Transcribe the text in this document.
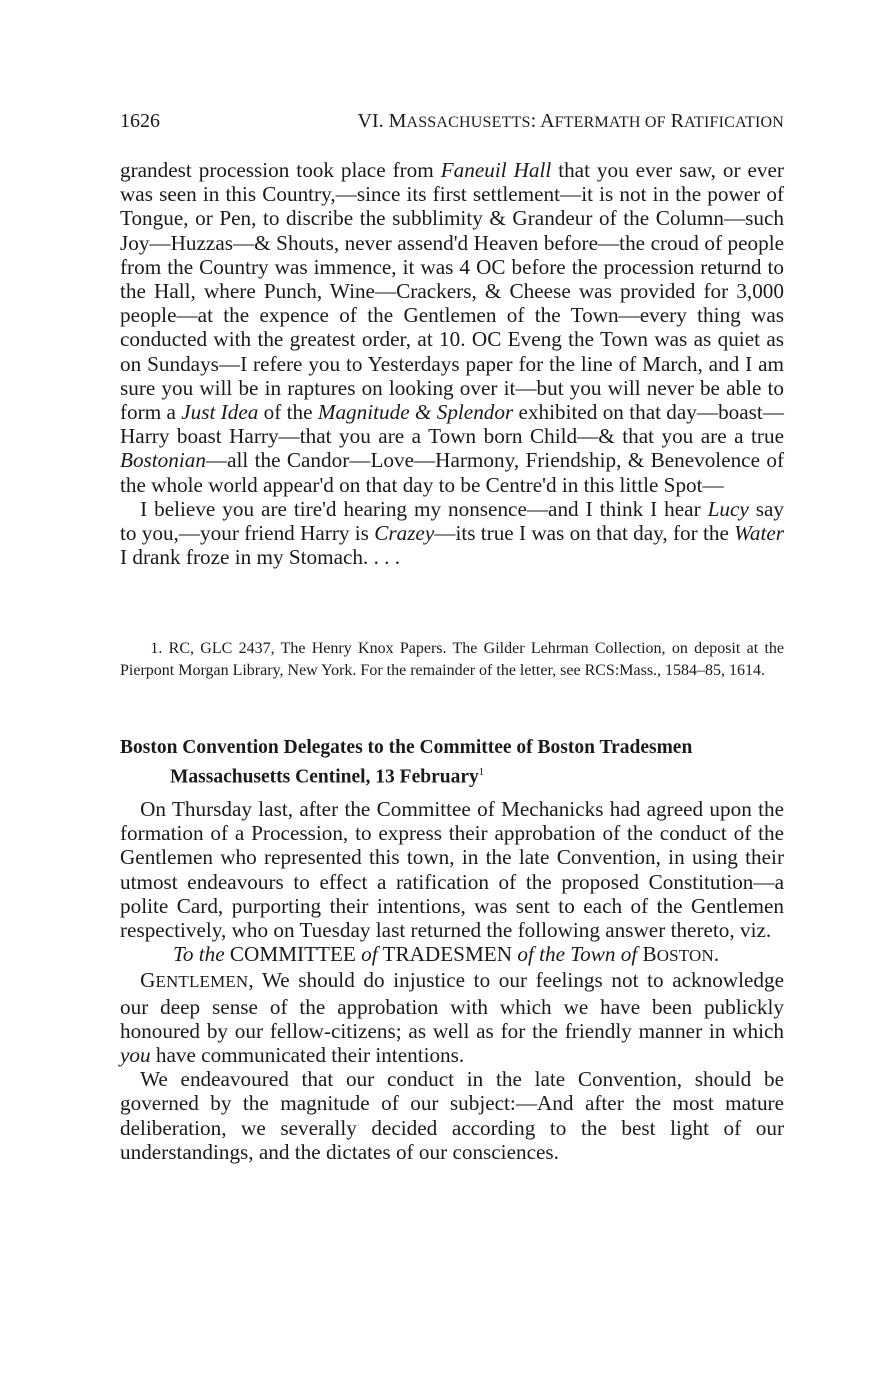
1626	VI. MASSACHUSETTS: AFTERMATH OF RATIFICATION

grandest procession took place from Faneuil Hall that you ever saw, or ever was seen in this Country,—since its first settlement—it is not in the power of Tongue, or Pen, to discribe the subblimity & Grandeur of the Column—such Joy—Huzzas—& Shouts, never assend'd Heaven before—the croud of people from the Country was immence, it was 4 OC before the procession returnd to the Hall, where Punch, Wine—Crackers, & Cheese was provided for 3,000 people—at the expence of the Gentlemen of the Town—every thing was conducted with the greatest order, at 10. OC Eveng the Town was as quiet as on Sundays—I refere you to Yesterdays paper for the line of March, and I am sure you will be in raptures on looking over it—but you will never be able to form a Just Idea of the Magnitude & Splendor exhibited on that day—boast—Harry boast Harry—that you are a Town born Child—& that you are a true Bostonian—all the Candor—Love—Harmony, Friendship, & Benevolence of the whole world appear'd on that day to be Centre'd in this little Spot—

I believe you are tire'd hearing my nonsence—and I think I hear Lucy say to you,—your friend Harry is Crazey—its true I was on that day, for the Water I drank froze in my Stomach. . . .

1. RC, GLC 2437, The Henry Knox Papers. The Gilder Lehrman Collection, on deposit at the Pierpont Morgan Library, New York. For the remainder of the letter, see RCS:Mass., 1584–85, 1614.

Boston Convention Delegates to the Committee of Boston Tradesmen
Massachusetts Centinel, 13 February$^1$

On Thursday last, after the Committee of Mechanicks had agreed upon the formation of a Procession, to express their approbation of the conduct of the Gentlemen who represented this town, in the late Convention, in using their utmost endeavours to effect a ratification of the proposed Constitution—a polite Card, purporting their intentions, was sent to each of the Gentlemen respectively, who on Tuesday last returned the following answer thereto, viz.

To the COMMITTEE of TRADESMEN of the Town of BOSTON.

GENTLEMEN, We should do injustice to our feelings not to acknowledge our deep sense of the approbation with which we have been publickly honoured by our fellow-citizens; as well as for the friendly manner in which you have communicated their intentions.

We endeavoured that our conduct in the late Convention, should be governed by the magnitude of our subject:—And after the most mature deliberation, we severally decided according to the best light of our understandings, and the dictates of our consciences.
